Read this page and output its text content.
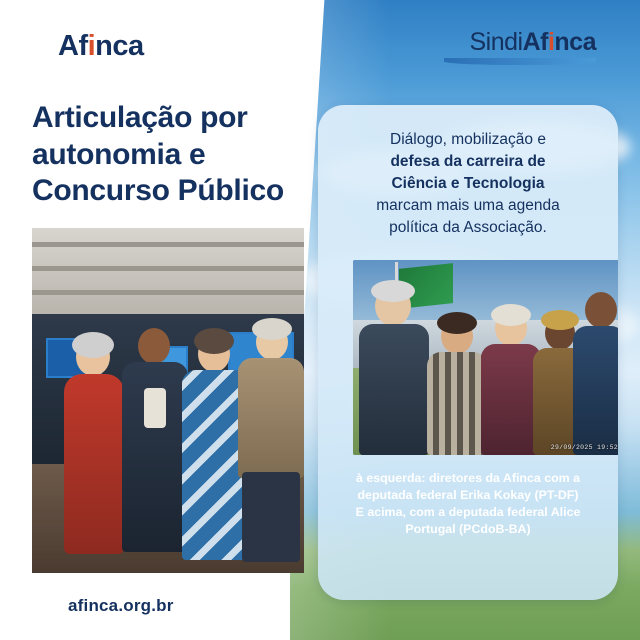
Afinca	SindiAfinca
Articulação por autonomia e Concurso Público
Diálogo, mobilização e
defesa da carreira de
Ciência e Tecnologia
marcam mais uma agenda
política da Associação.
29/09/2025 19:52
à esquerda: diretores da Afinca com a
deputada federal Erika Kokay (PT-DF)
E acima, com a deputada federal Alice
Portugal (PCdoB-BA)
afinca.org.br
